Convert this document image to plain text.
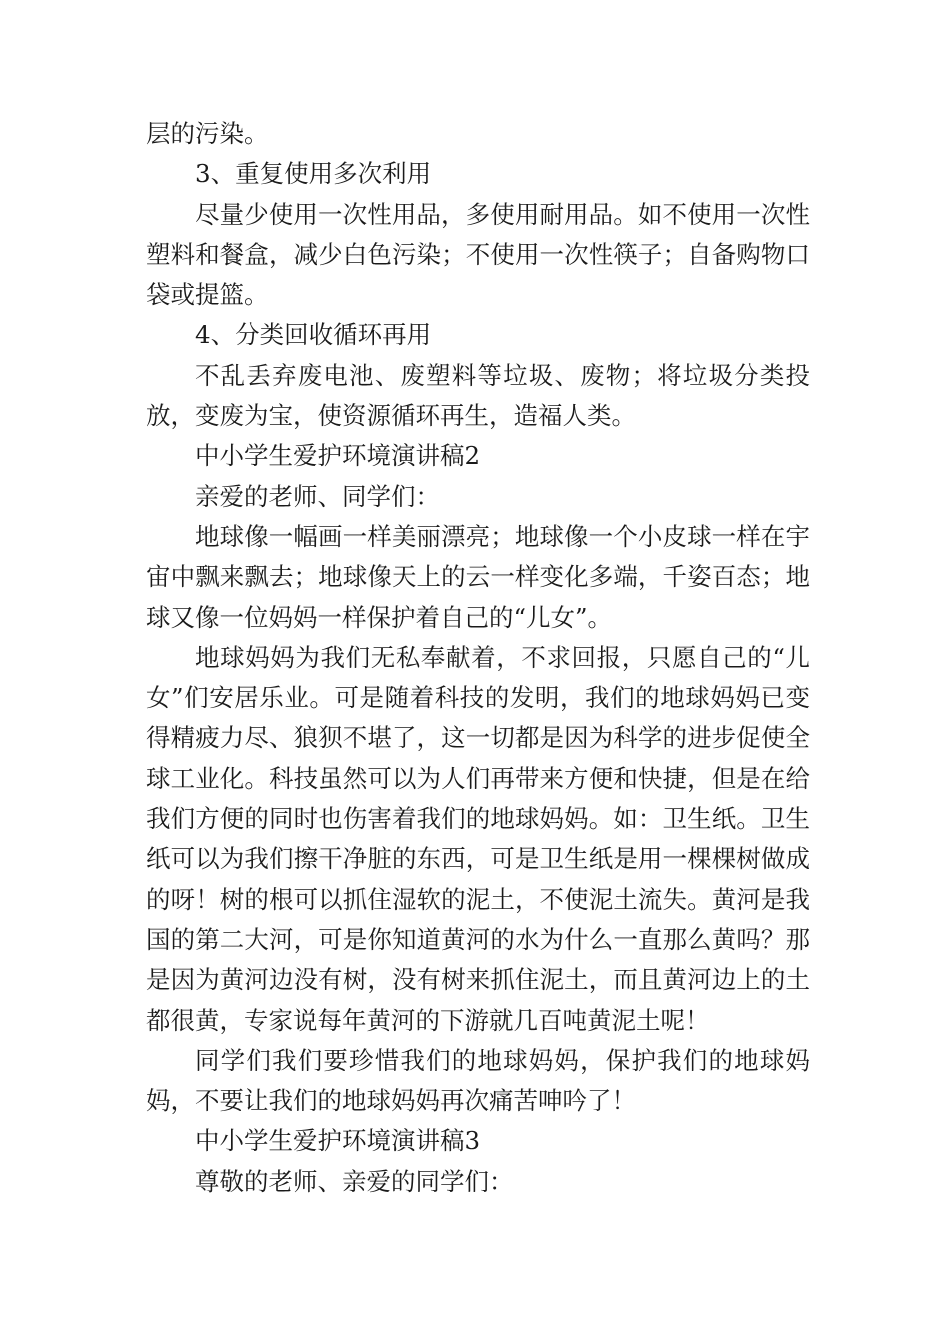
层的污染。

3、重复使用多次利用

尽量少使用一次性用品，多使用耐用品。如不使用一次性塑料和餐盒，减少白色污染；不使用一次性筷子；自备购物口袋或提篮。

4、分类回收循环再用

不乱丢弃废电池、废塑料等垃圾、废物；将垃圾分类投放，变废为宝，使资源循环再生，造福人类。

中小学生爱护环境演讲稿2

亲爱的老师、同学们：

地球像一幅画一样美丽漂亮；地球像一个小皮球一样在宇宙中飘来飘去；地球像天上的云一样变化多端，千姿百态；地球又像一位妈妈一样保护着自己的“儿女”。

地球妈妈为我们无私奉献着，不求回报，只愿自己的“儿女”们安居乐业。可是随着科技的发明，我们的地球妈妈已变得精疲力尽、狼狈不堪了，这一切都是因为科学的进步促使全球工业化。科技虽然可以为人们再带来方便和快捷，但是在给我们方便的同时也伤害着我们的地球妈妈。如：卫生纸。卫生纸可以为我们擦干净脏的东西，可是卫生纸是用一棵棵树做成的呀！树的根可以抓住湿软的泥土，不使泥土流失。黄河是我国的第二大河，可是你知道黄河的水为什么一直那么黄吗？那是因为黄河边没有树，没有树来抓住泥土，而且黄河边上的土都很黄，专家说每年黄河的下游就几百吨黄泥土呢！

同学们我们要珍惜我们的地球妈妈，保护我们的地球妈妈，不要让我们的地球妈妈再次痛苦呻吟了！

中小学生爱护环境演讲稿3

尊敬的老师、亲爱的同学们：
